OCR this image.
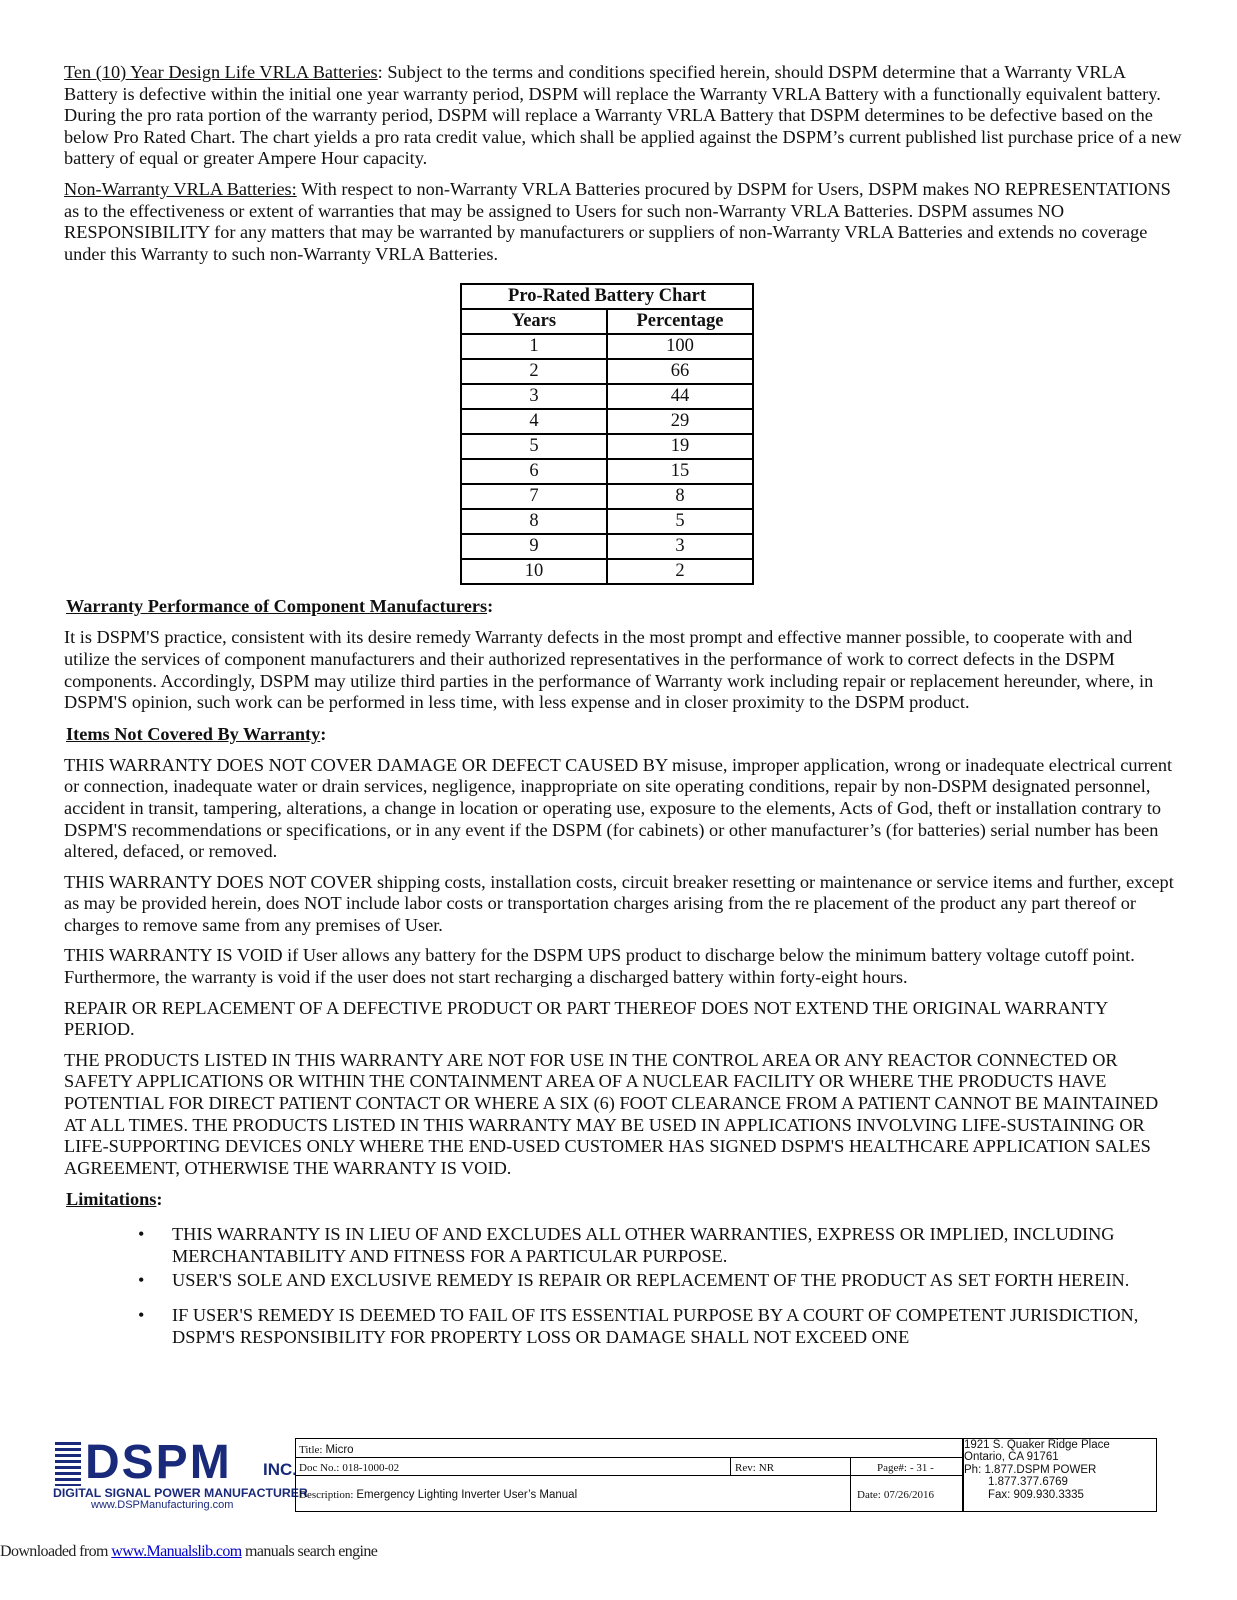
Ten (10) Year Design Life VRLA Batteries: Subject to the terms and conditions specified herein, should DSPM determine that a Warranty VRLA Battery is defective within the initial one year warranty period, DSPM will replace the Warranty VRLA Battery with a functionally equivalent battery. During the pro rata portion of the warranty period, DSPM will replace a Warranty VRLA Battery that DSPM determines to be defective based on the below Pro Rated Chart. The chart yields a pro rata credit value, which shall be applied against the DSPM’s current published list purchase price of a new battery of equal or greater Ampere Hour capacity.

Non-Warranty VRLA Batteries: With respect to non-Warranty VRLA Batteries procured by DSPM for Users, DSPM makes NO REPRESENTATIONS as to the effectiveness or extent of warranties that may be assigned to Users for such non-Warranty VRLA Batteries. DSPM assumes NO RESPONSIBILITY for any matters that may be warranted by manufacturers or suppliers of non-Warranty VRLA Batteries and extends no coverage under this Warranty to such non-Warranty VRLA Batteries.

Pro-Rated Battery Chart	
Years	Percentage
1	100
2	66
3	44
4	29
5	19
6	15
7	8
8	5
9	3
10	2

Warranty Performance of Component Manufacturers:

It is DSPM'S practice, consistent with its desire remedy Warranty defects in the most prompt and effective manner possible, to cooperate with and utilize the services of component manufacturers and their authorized representatives in the performance of work to correct defects in the DSPM components. Accordingly, DSPM may utilize third parties in the performance of Warranty work including repair or replacement hereunder, where, in DSPM'S opinion, such work can be performed in less time, with less expense and in closer proximity to the DSPM product.

Items Not Covered By Warranty:

THIS WARRANTY DOES NOT COVER DAMAGE OR DEFECT CAUSED BY misuse, improper application, wrong or inadequate electrical current or connection, inadequate water or drain services, negligence, inappropriate on site operating conditions, repair by non-DSPM designated personnel, accident in transit, tampering, alterations, a change in location or operating use, exposure to the elements, Acts of God, theft or installation contrary to DSPM'S recommendations or specifications, or in any event if the DSPM (for cabinets) or other manufacturer’s (for batteries) serial number has been altered, defaced, or removed.

THIS WARRANTY DOES NOT COVER shipping costs, installation costs, circuit breaker resetting or maintenance or service items and further, except as may be provided herein, does NOT include labor costs or transportation charges arising from the re placement of the product any part thereof or charges to remove same from any premises of User.

THIS WARRANTY IS VOID if User allows any battery for the DSPM UPS product to discharge below the minimum battery voltage cutoff point. Furthermore, the warranty is void if the user does not start recharging a discharged battery within forty-eight hours.

REPAIR OR REPLACEMENT OF A DEFECTIVE PRODUCT OR PART THEREOF DOES NOT EXTEND THE ORIGINAL WARRANTY PERIOD.

THE PRODUCTS LISTED IN THIS WARRANTY ARE NOT FOR USE IN THE CONTROL AREA OR ANY REACTOR CONNECTED OR SAFETY APPLICATIONS OR WITHIN THE CONTAINMENT AREA OF A NUCLEAR FACILITY OR WHERE THE PRODUCTS HAVE POTENTIAL FOR DIRECT PATIENT CONTACT OR WHERE A SIX (6) FOOT CLEARANCE FROM A PATIENT CANNOT BE MAINTAINED AT ALL TIMES. THE PRODUCTS LISTED IN THIS WARRANTY MAY BE USED IN APPLICATIONS INVOLVING LIFE-SUSTAINING OR LIFE-SUPPORTING DEVICES ONLY WHERE THE END-USED CUSTOMER HAS SIGNED DSPM'S HEALTHCARE APPLICATION SALES AGREEMENT, OTHERWISE THE WARRANTY IS VOID.

Limitations:

• THIS WARRANTY IS IN LIEU OF AND EXCLUDES ALL OTHER WARRANTIES, EXPRESS OR IMPLIED, INCLUDING MERCHANTABILITY AND FITNESS FOR A PARTICULAR PURPOSE.
• USER'S SOLE AND EXCLUSIVE REMEDY IS REPAIR OR REPLACEMENT OF THE PRODUCT AS SET FORTH HEREIN.
• IF USER'S REMEDY IS DEEMED TO FAIL OF ITS ESSENTIAL PURPOSE BY A COURT OF COMPETENT JURISDICTION, DSPM'S RESPONSIBILITY FOR PROPERTY LOSS OR DAMAGE SHALL NOT EXCEED ONE
DSPM INC.
DIGITAL SIGNAL POWER MANUFACTURER
www.DSPManufacturing.com
Title: Micro
Doc No.: 018-1000-02	Rev: NR	Page#: - 31 -
Description: Emergency Lighting Inverter User’s Manual	Date: 07/26/2016
1921 S. Quaker Ridge Place
Ontario, CA 91761
Ph: 1.877.DSPM POWER
1.877.377.6769
Fax: 909.930.3335
Downloaded from www.Manualslib.com manuals search engine
